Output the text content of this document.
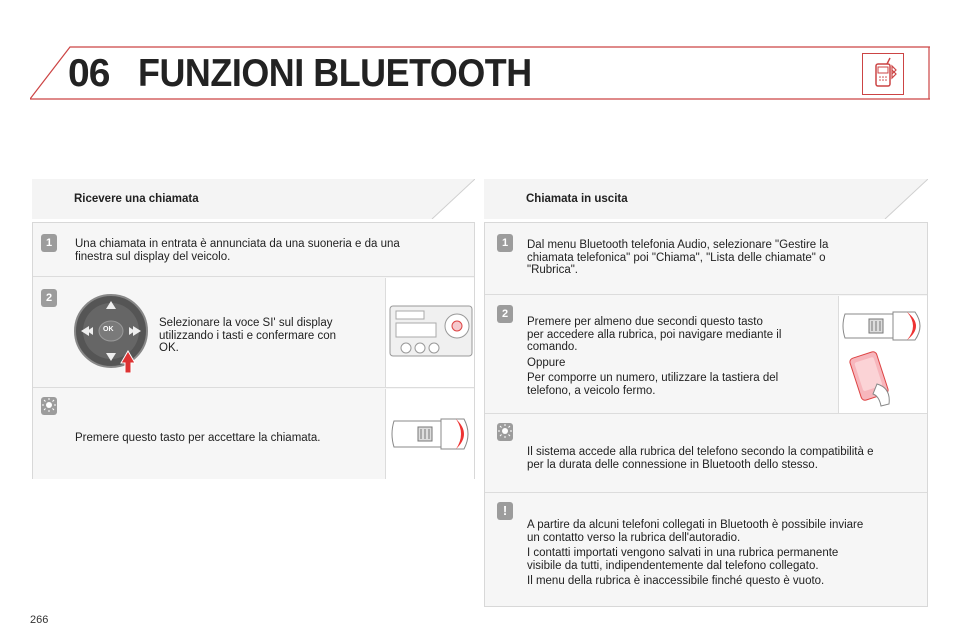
06 FUNZIONI BLUETOOTH
Ricevere una chiamata
1	Una chiamata in entrata è annunciata da una suoneria e da una
finestra sul display del veicolo.
2
OK
Selezionare la voce SI' sul display
utilizzando i tasti e confermare con
OK.
Premere questo tasto per accettare la chiamata.
Chiamata in uscita
1	Dal menu Bluetooth telefonia Audio, selezionare "Gestire la
chiamata telefonica" poi "Chiama", "Lista delle chiamate" o
"Rubrica".
2
Premere per almeno due secondi questo tasto
per accedere alla rubrica, poi navigare mediante il
comando.
Oppure
Per comporre un numero, utilizzare la tastiera del
telefono, a veicolo fermo.
Il sistema accede alla rubrica del telefono secondo la compatibilità e
per la durata delle connessione in Bluetooth dello stesso.
!
A partire da alcuni telefoni collegati in Bluetooth è possibile inviare
un contatto verso la rubrica dell'autoradio.
I contatti importati vengono salvati in una rubrica permanente
visibile da tutti, indipendentemente dal telefono collegato.
Il menu della rubrica è inaccessibile finché questo è vuoto.
266
